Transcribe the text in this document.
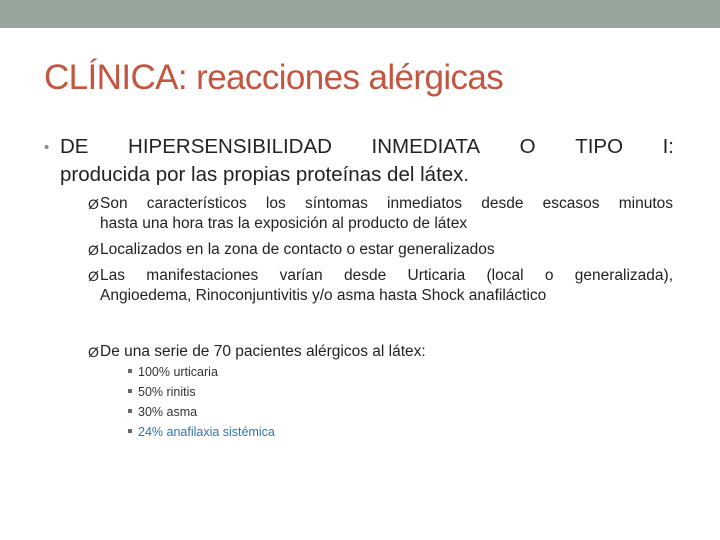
CLÍNICA: reacciones alérgicas
• DE HIPERSENSIBILIDAD INMEDIATA O TIPO I:
producida por las propias proteínas del látex.
Ø Son característicos los síntomas inmediatos desde escasos minutos
hasta una hora tras la exposición al producto de látex
Ø Localizados en la zona de contacto o estar generalizados
Ø Las manifestaciones varían desde Urticaria (local o generalizada),
Angioedema, Rinoconjuntivitis y/o asma hasta Shock anafiláctico
Ø De una serie de 70 pacientes alérgicos al látex:
100% urticaria
50% rinitis
30% asma
24% anafilaxia sistémica
